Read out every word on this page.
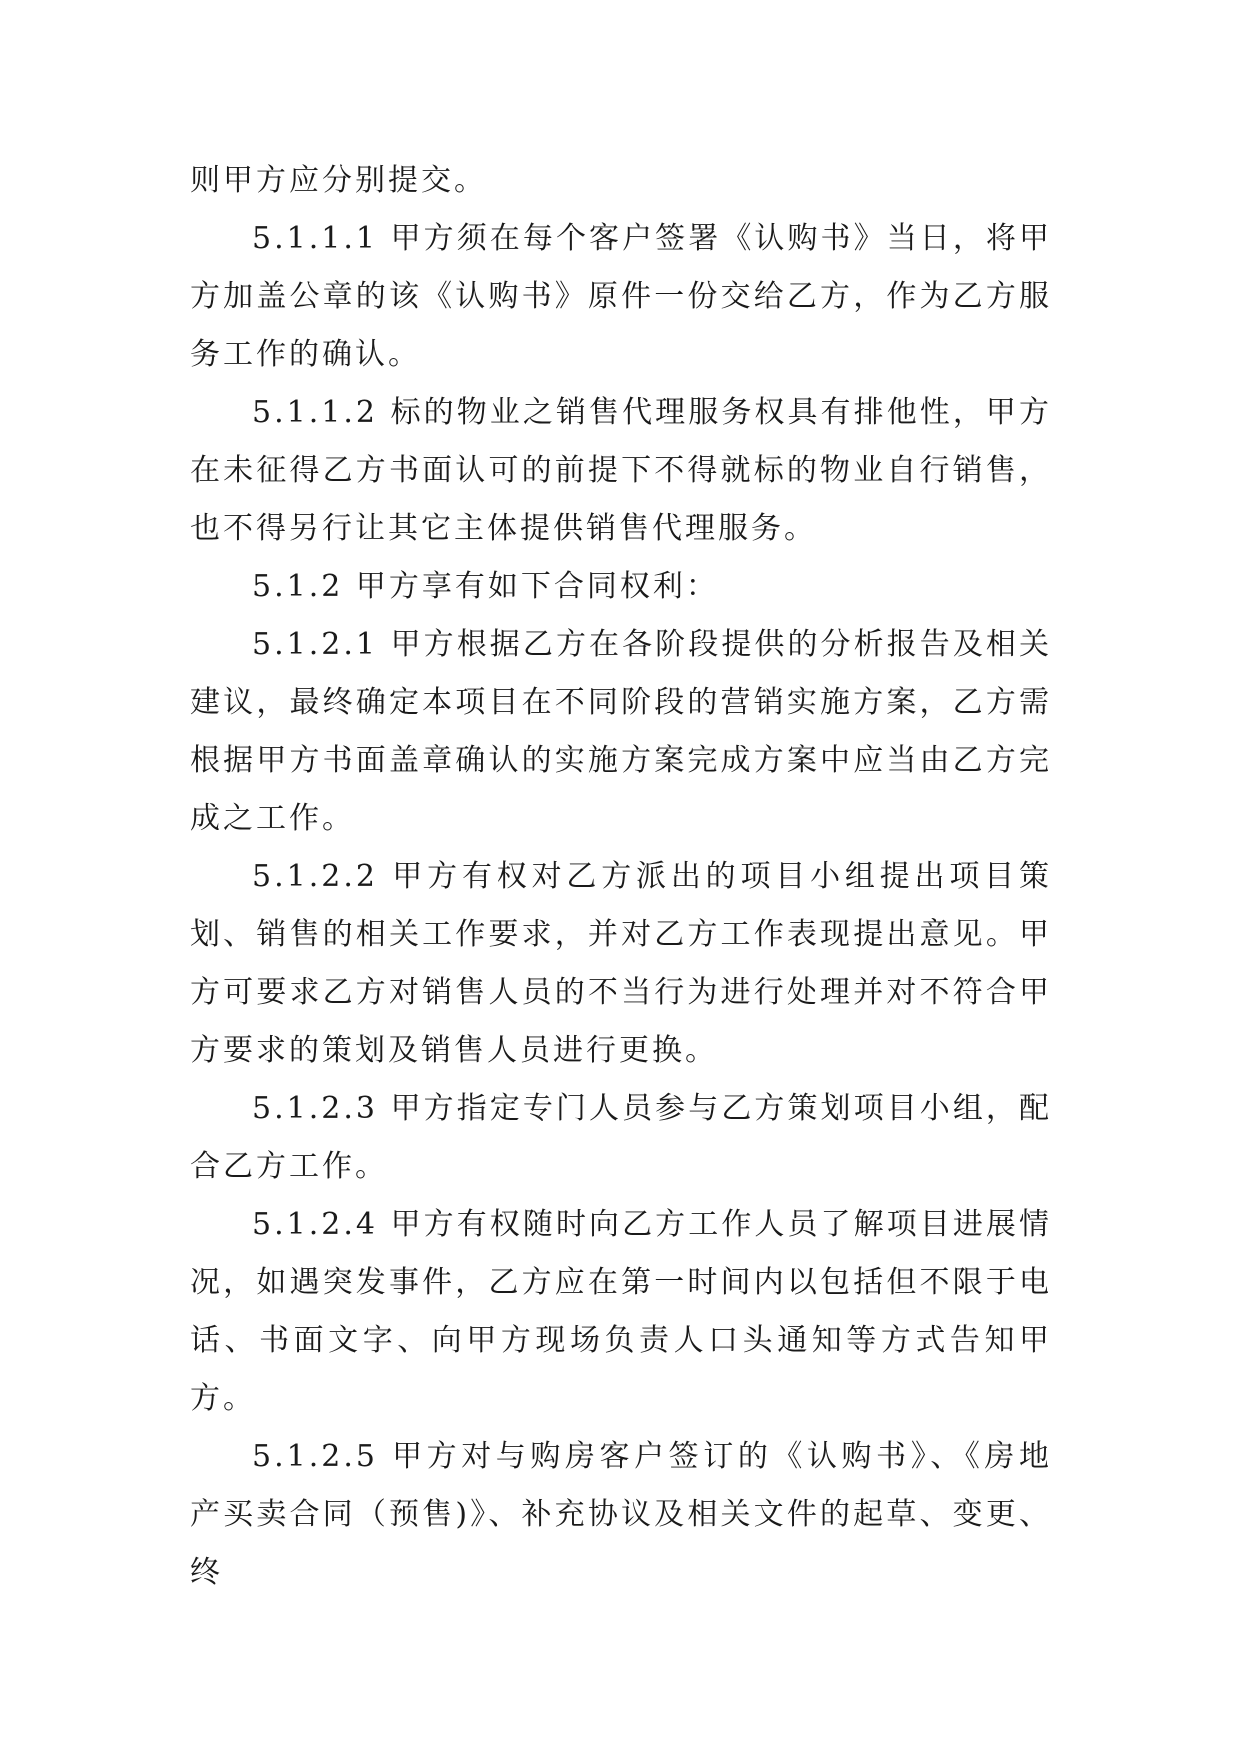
则甲方应分别提交。

5.1.1.1 甲方须在每个客户签署《认购书》当日，将甲方加盖公章的该《认购书》原件一份交给乙方，作为乙方服务工作的确认。

5.1.1.2 标的物业之销售代理服务权具有排他性，甲方在未征得乙方书面认可的前提下不得就标的物业自行销售，也不得另行让其它主体提供销售代理服务。

5.1.2 甲方享有如下合同权利：

5.1.2.1 甲方根据乙方在各阶段提供的分析报告及相关建议，最终确定本项目在不同阶段的营销实施方案，乙方需根据甲方书面盖章确认的实施方案完成方案中应当由乙方完成之工作。

5.1.2.2 甲方有权对乙方派出的项目小组提出项目策划、销售的相关工作要求，并对乙方工作表现提出意见。甲方可要求乙方对销售人员的不当行为进行处理并对不符合甲方要求的策划及销售人员进行更换。

5.1.2.3 甲方指定专门人员参与乙方策划项目小组，配合乙方工作。

5.1.2.4 甲方有权随时向乙方工作人员了解项目进展情况，如遇突发事件，乙方应在第一时间内以包括但不限于电话、书面文字、向甲方现场负责人口头通知等方式告知甲方。

5.1.2.5 甲方对与购房客户签订的《认购书》、《房地产买卖合同（预售)》、补充协议及相关文件的起草、变更、终
